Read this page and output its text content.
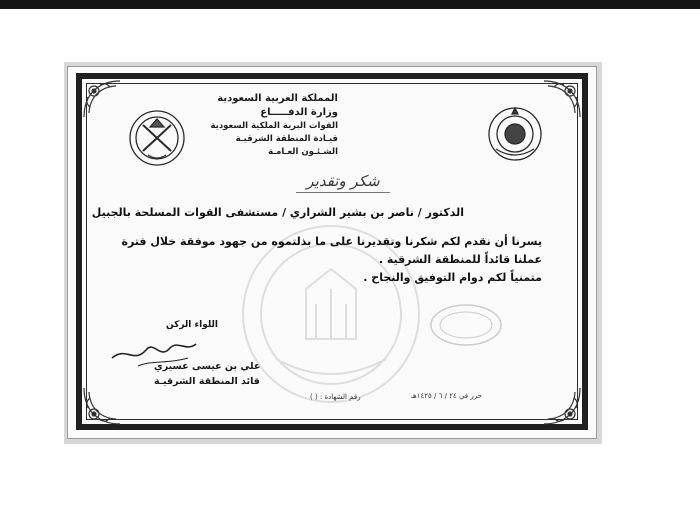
المملكة العربية السعودية
وزارة الدفـــــاع
القوات البرية الملكية السعودية
قيـادة المنطقة الشرقيـة
الشـئـون العـامـة
شكر وتقدير
الدكتور / ناصر بن بشير الشراري / مستشفى القوات المسلحة بالجبيل
يسرنا أن نقدم لكم شكرنا وتقديرنا على ما بذلتموه من جهود موفقة خلال فترة
عملنا قائداً للمنطقة الشرقية .
متمنياً لكم دوام التوفيق والنجاح .
اللواء الركن
علي بن عيسى عسيري
قائد المنطقة الشرقيـة
حرر في ٢٤ / ٦ / ١٤٢٥هـ
رقم الشهادة : ( )
